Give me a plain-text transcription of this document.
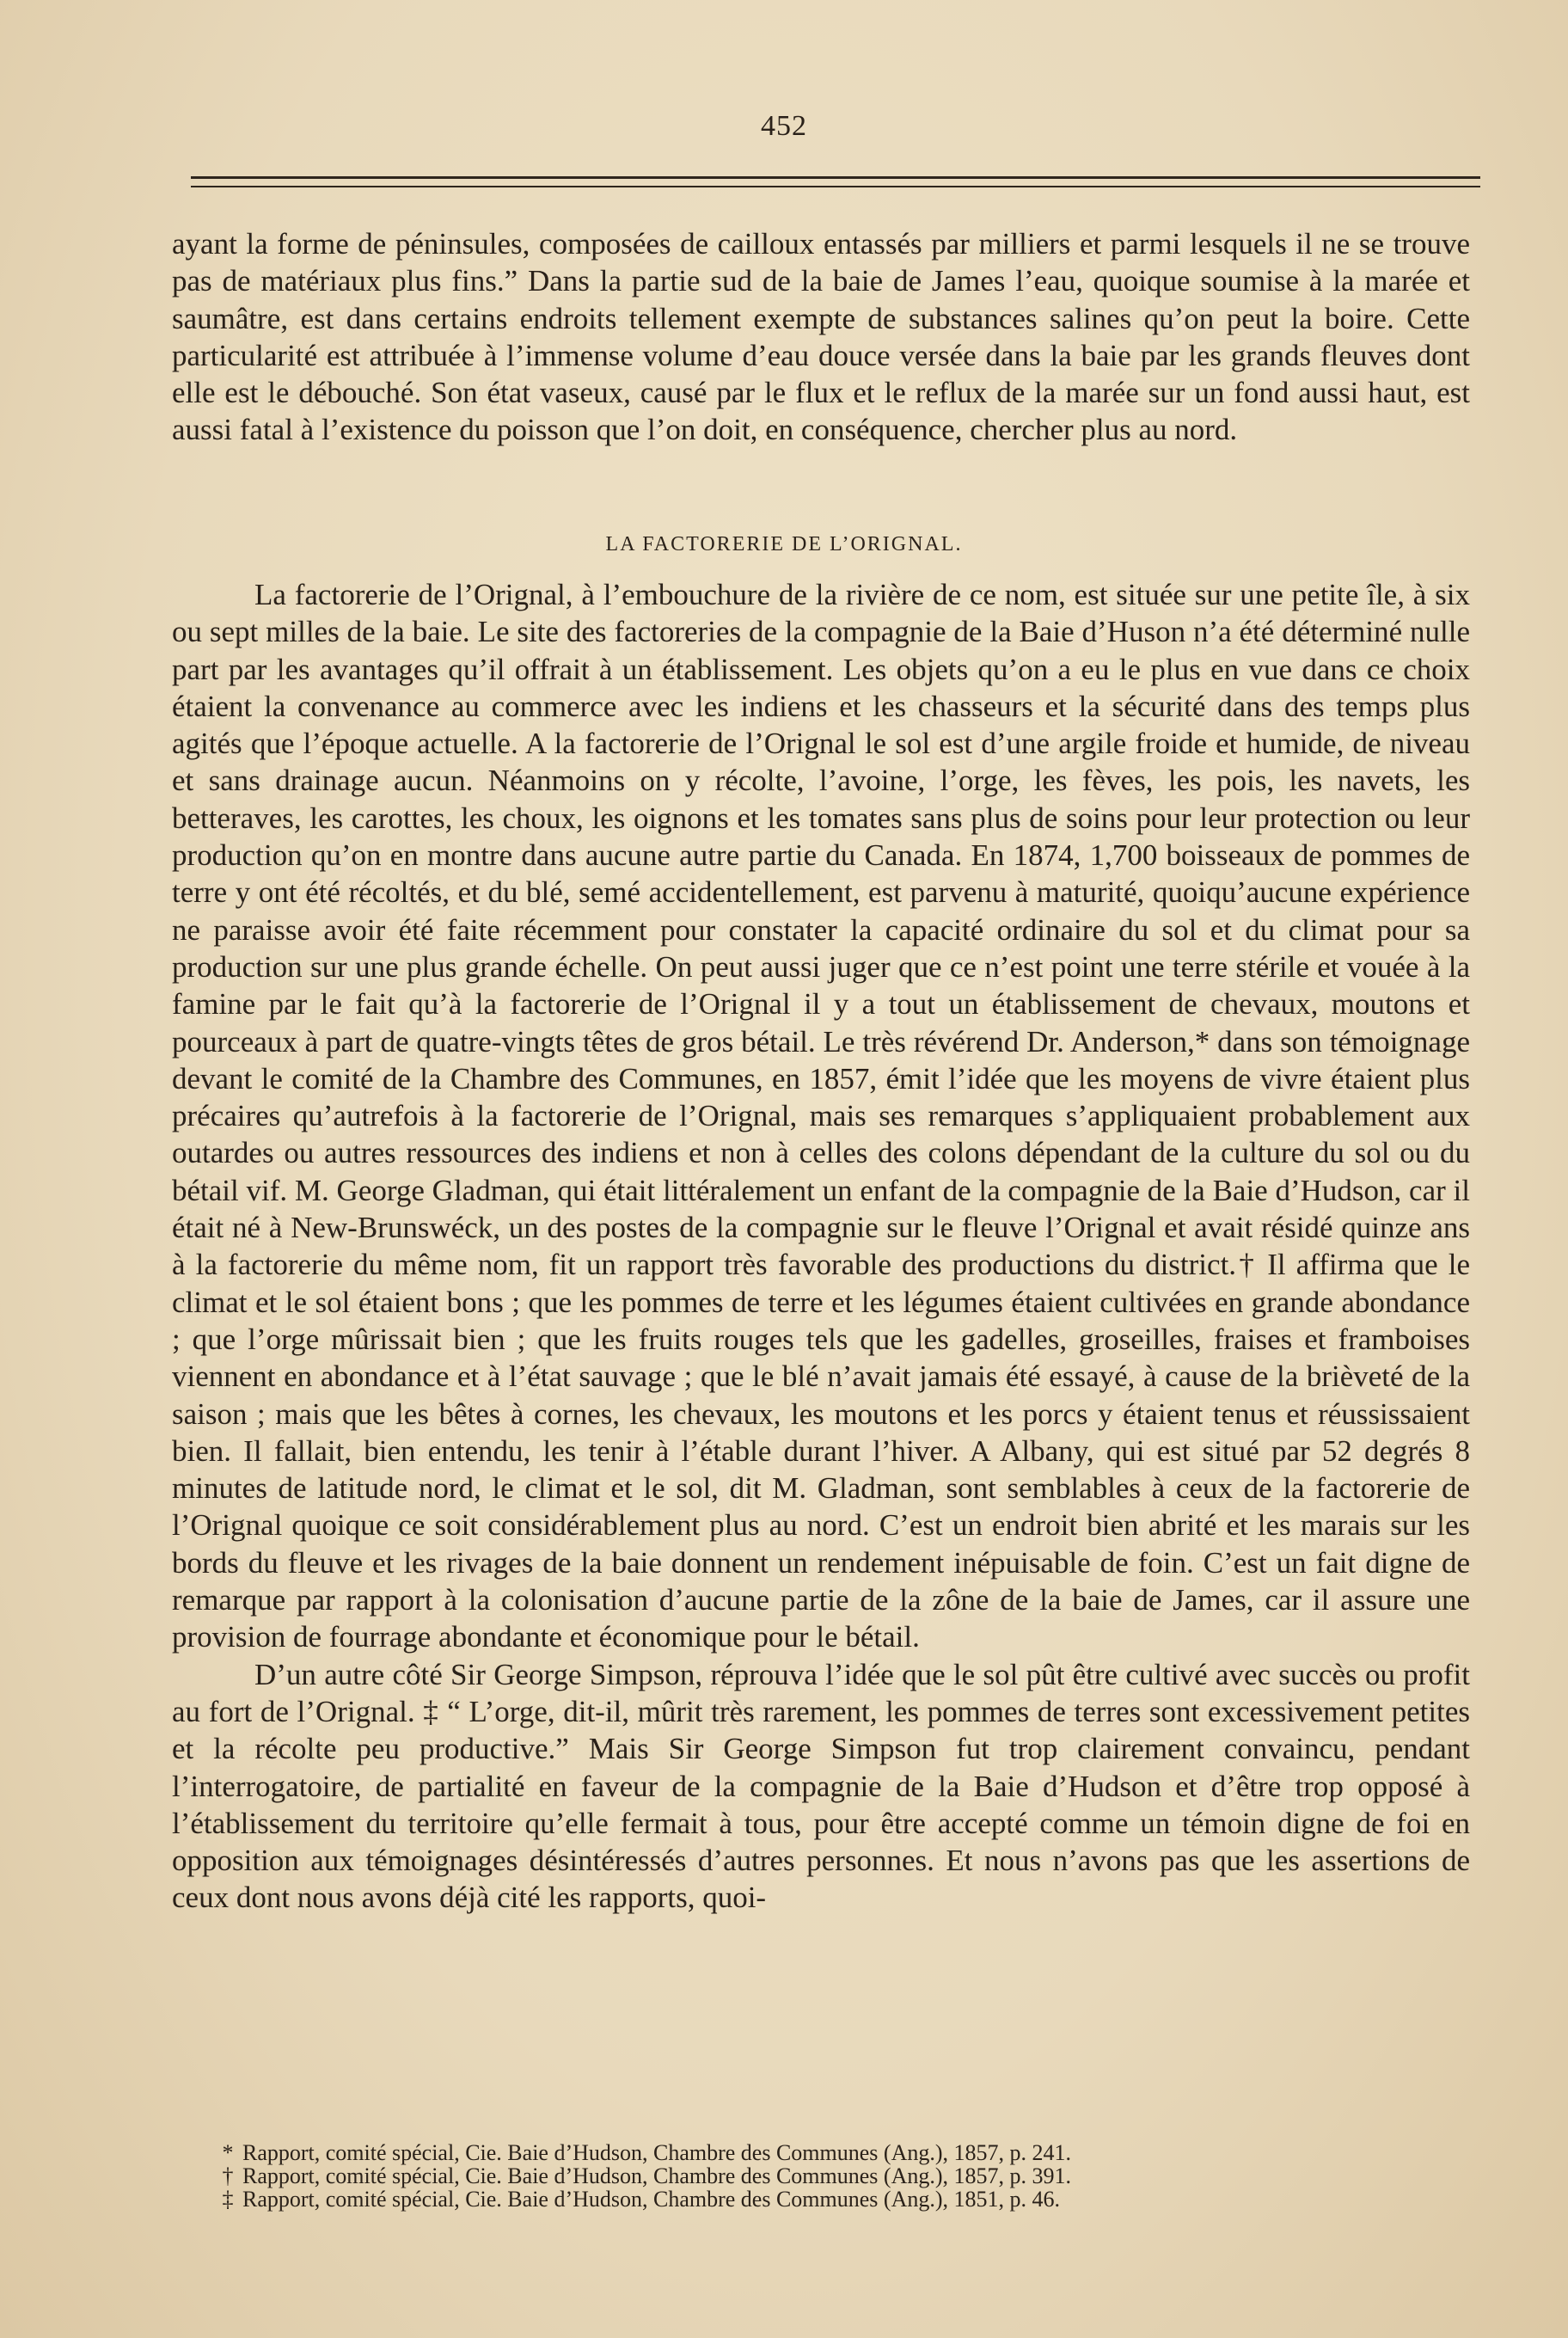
452

ayant la forme de péninsules, composées de cailloux entassés par milliers et parmi lesquels il ne se trouve pas de matériaux plus fins.” Dans la partie sud de la baie de James l’eau, quoique soumise à la marée et saumâtre, est dans certains endroits tellement exempte de substances salines qu’on peut la boire. Cette particularité est attribuée à l’immense volume d’eau douce versée dans la baie par les grands fleuves dont elle est le débouché. Son état vaseux, causé par le flux et le reflux de la marée sur un fond aussi haut, est aussi fatal à l’existence du poisson que l’on doit, en conséquence, chercher plus au nord.

LA FACTORERIE DE L’ORIGNAL.

La factorerie de l’Orignal, à l’embouchure de la rivière de ce nom, est située sur une petite île, à six ou sept milles de la baie. Le site des factoreries de la compagnie de la Baie d’Huson n’a été déterminé nulle part par les avantages qu’il offrait à un établissement. Les objets qu’on a eu le plus en vue dans ce choix étaient la convenance au commerce avec les indiens et les chasseurs et la sécurité dans des temps plus agités que l’époque actuelle. A la factorerie de l’Orignal le sol est d’une argile froide et humide, de niveau et sans drainage aucun. Néanmoins on y récolte, l’avoine, l’orge, les fèves, les pois, les navets, les betteraves, les carottes, les choux, les oignons et les tomates sans plus de soins pour leur protection ou leur production qu’on en montre dans aucune autre partie du Canada. En 1874, 1,700 boisseaux de pommes de terre y ont été récoltés, et du blé, semé accidentellement, est parvenu à maturité, quoiqu’aucune expérience ne paraisse avoir été faite récemment pour constater la capacité ordinaire du sol et du climat pour sa production sur une plus grande échelle. On peut aussi juger que ce n’est point une terre stérile et vouée à la famine par le fait qu’à la factorerie de l’Orignal il y a tout un établissement de chevaux, moutons et pourceaux à part de quatre-vingts têtes de gros bétail. Le très révérend Dr. Anderson,* dans son témoignage devant le comité de la Chambre des Communes, en 1857, émit l’idée que les moyens de vivre étaient plus précaires qu’autrefois à la factorerie de l’Orignal, mais ses remarques s’appliquaient probablement aux outardes ou autres ressources des indiens et non à celles des colons dépendant de la culture du sol ou du bétail vif. M. George Gladman, qui était littéralement un enfant de la compagnie de la Baie d’Hudson, car il était né à New-Brunswéck, un des postes de la compagnie sur le fleuve l’Orignal et avait résidé quinze ans à la factorerie du même nom, fit un rapport très favorable des productions du district.† Il affirma que le climat et le sol étaient bons ; que les pommes de terre et les légumes étaient cultivées en grande abondance ; que l’orge mûrissait bien ; que les fruits rouges tels que les gadelles, groseilles, fraises et framboises viennent en abondance et à l’état sauvage ; que le blé n’avait jamais été essayé, à cause de la brièveté de la saison ; mais que les bêtes à cornes, les chevaux, les moutons et les porcs y étaient tenus et réussissaient bien. Il fallait, bien entendu, les tenir à l’étable durant l’hiver. A Albany, qui est situé par 52 degrés 8 minutes de latitude nord, le climat et le sol, dit M. Gladman, sont semblables à ceux de la factorerie de l’Orignal quoique ce soit considérablement plus au nord. C’est un endroit bien abrité et les marais sur les bords du fleuve et les rivages de la baie donnent un rendement inépuisable de foin. C’est un fait digne de remarque par rapport à la colonisation d’aucune partie de la zône de la baie de James, car il assure une provision de fourrage abondante et économique pour le bétail.

D’un autre côté Sir George Simpson, réprouva l’idée que le sol pût être cultivé avec succès ou profit au fort de l’Orignal. ‡ “ L’orge, dit-il, mûrit très rarement, les pommes de terres sont excessivement petites et la récolte peu productive.” Mais Sir George Simpson fut trop clairement convaincu, pendant l’interrogatoire, de partialité en faveur de la compagnie de la Baie d’Hudson et d’être trop opposé à l’établissement du territoire qu’elle fermait à tous, pour être accepté comme un témoin digne de foi en opposition aux témoignages désintéressés d’autres personnes. Et nous n’avons pas que les assertions de ceux dont nous avons déjà cité les rapports, quoi-

* Rapport, comité spécial, Cie. Baie d’Hudson, Chambre des Communes (Ang.), 1857, p. 241.
† Rapport, comité spécial, Cie. Baie d’Hudson, Chambre des Communes (Ang.), 1857, p. 391.
‡ Rapport, comité spécial, Cie. Baie d’Hudson, Chambre des Communes (Ang.), 1851, p. 46.
